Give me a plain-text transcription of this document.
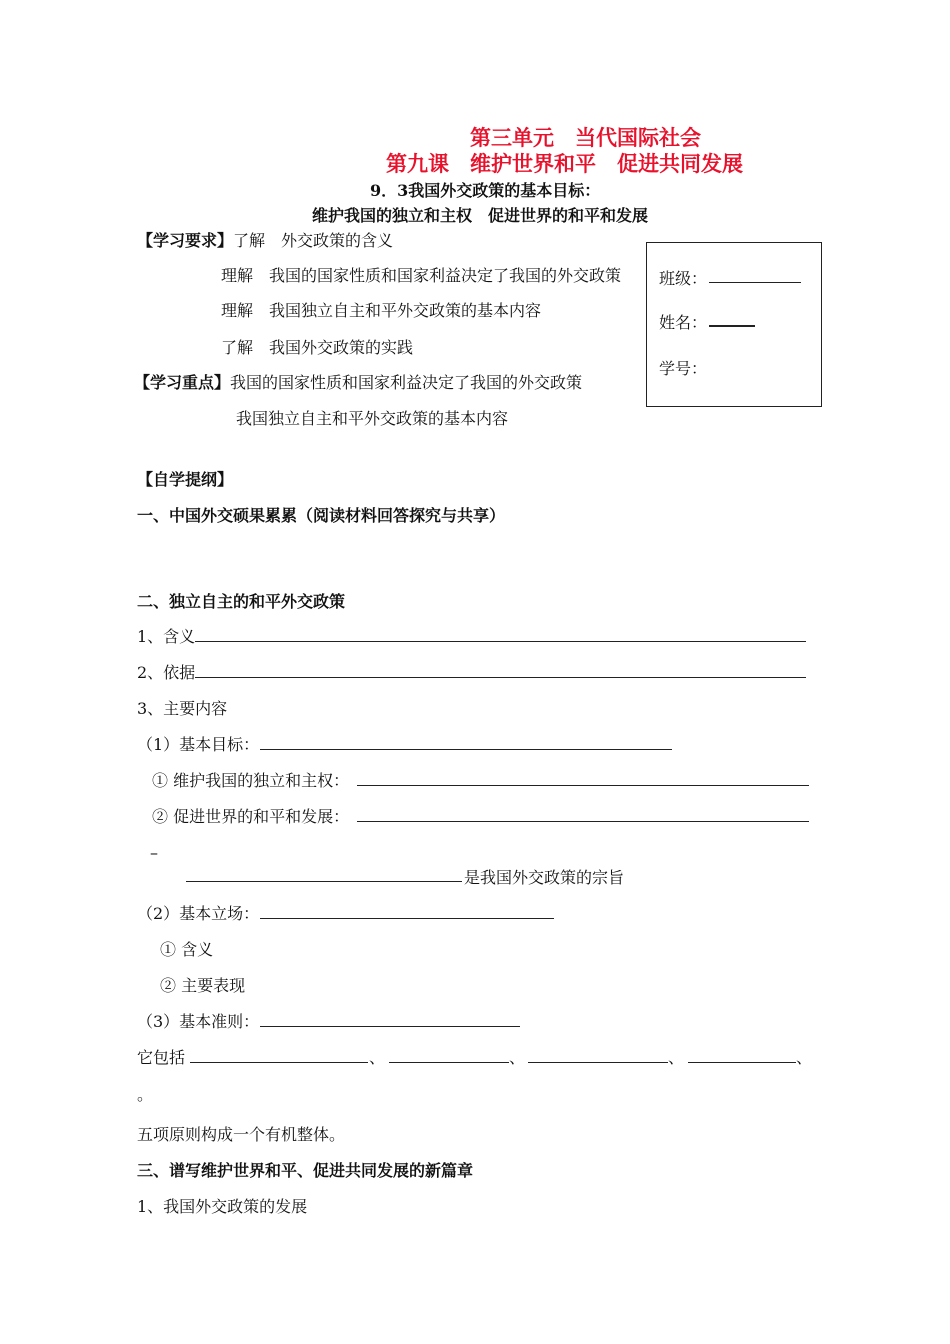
第三单元　当代国际社会
第九课　维护世界和平　促进共同发展
9．3我国外交政策的基本目标：
维护我国的独立和主权　促进世界的和平和发展
【学习要求】了解　外交政策的含义
理解　我国的国家性质和国家利益决定了我国的外交政策
理解　我国独立自主和平外交政策的基本内容
了解　我国外交政策的实践
【学习重点】我国的国家性质和国家利益决定了我国的外交政策
我国独立自主和平外交政策的基本内容
班级：
姓名：
学号：
【自学提纲】
一、中国外交硕果累累（阅读材料回答探究与共享）
二、独立自主的和平外交政策
1、含义
2、依据
3、主要内容
（1）基本目标：
① 维护我国的独立和主权：
② 促进世界的和平和发展：
–
是我国外交政策的宗旨
（2）基本立场：
① 含义
② 主要表现
（3）基本准则：
它包括	、	、	、	、
。
五项原则构成一个有机整体。
三、谱写维护世界和平、促进共同发展的新篇章
1、我国外交政策的发展
